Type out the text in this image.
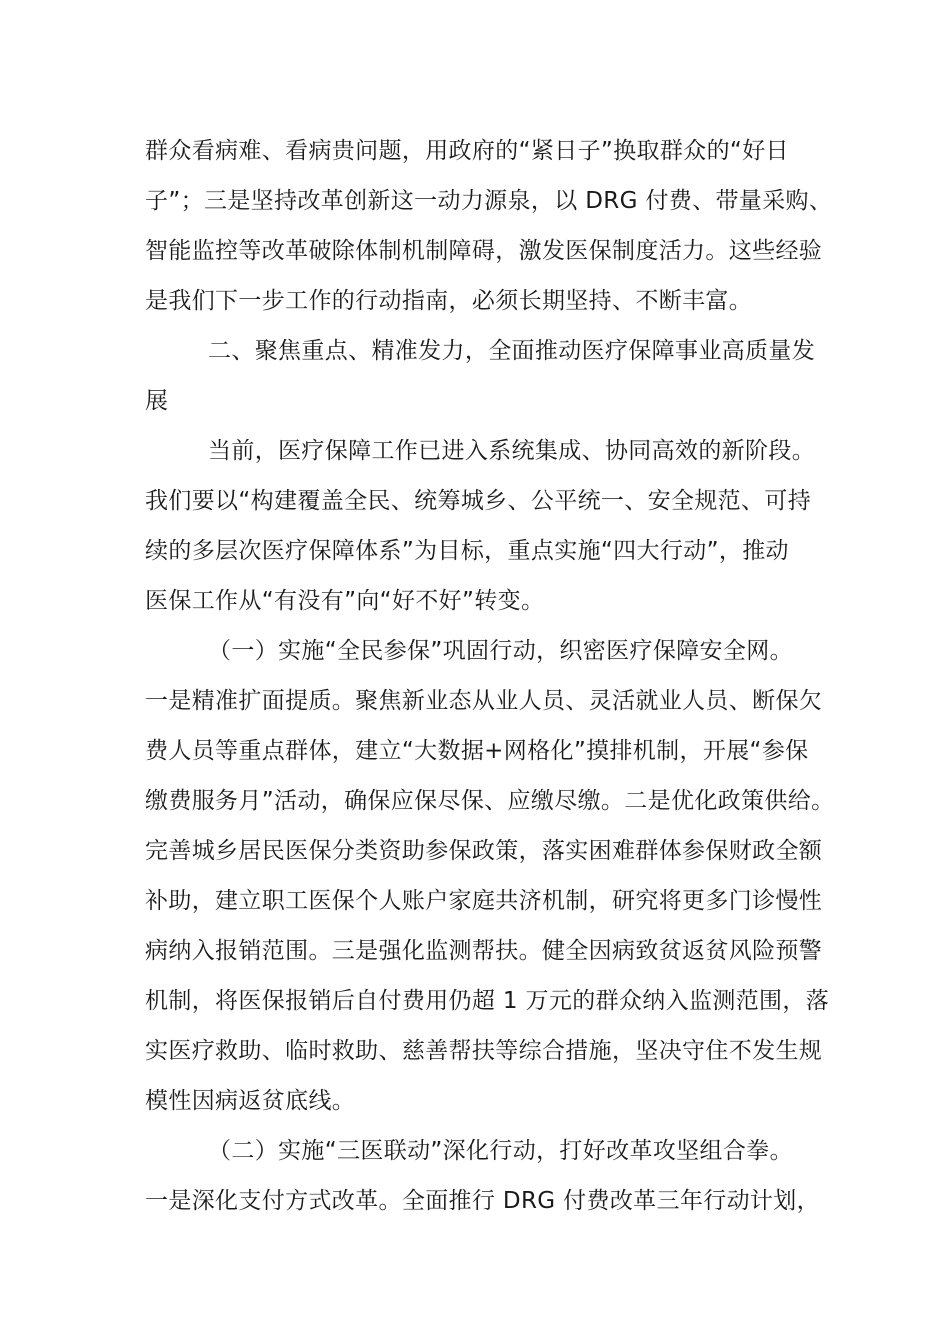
群众看病难、看病贵问题，用政府的“紧日子”换取群众的“好日
子”；三是坚持改革创新这一动力源泉，以 DRG 付费、带量采购、
智能监控等改革破除体制机制障碍，激发医保制度活力。这些经验
是我们下一步工作的行动指南，必须长期坚持、不断丰富。
二、聚焦重点、精准发力，全面推动医疗保障事业高质量发
展
当前，医疗保障工作已进入系统集成、协同高效的新阶段。
我们要以“构建覆盖全民、统筹城乡、公平统一、安全规范、可持
续的多层次医疗保障体系”为目标，重点实施“四大行动”，推动
医保工作从“有没有”向“好不好”转变。
（一）实施“全民参保”巩固行动，织密医疗保障安全网。
一是精准扩面提质。聚焦新业态从业人员、灵活就业人员、断保欠
费人员等重点群体，建立“大数据+网格化”摸排机制，开展“参保
缴费服务月”活动，确保应保尽保、应缴尽缴。二是优化政策供给。
完善城乡居民医保分类资助参保政策，落实困难群体参保财政全额
补助，建立职工医保个人账户家庭共济机制，研究将更多门诊慢性
病纳入报销范围。三是强化监测帮扶。健全因病致贫返贫风险预警
机制，将医保报销后自付费用仍超 1 万元的群众纳入监测范围，落
实医疗救助、临时救助、慈善帮扶等综合措施，坚决守住不发生规
模性因病返贫底线。
（二）实施“三医联动”深化行动，打好改革攻坚组合拳。
一是深化支付方式改革。全面推行 DRG 付费改革三年行动计划，
